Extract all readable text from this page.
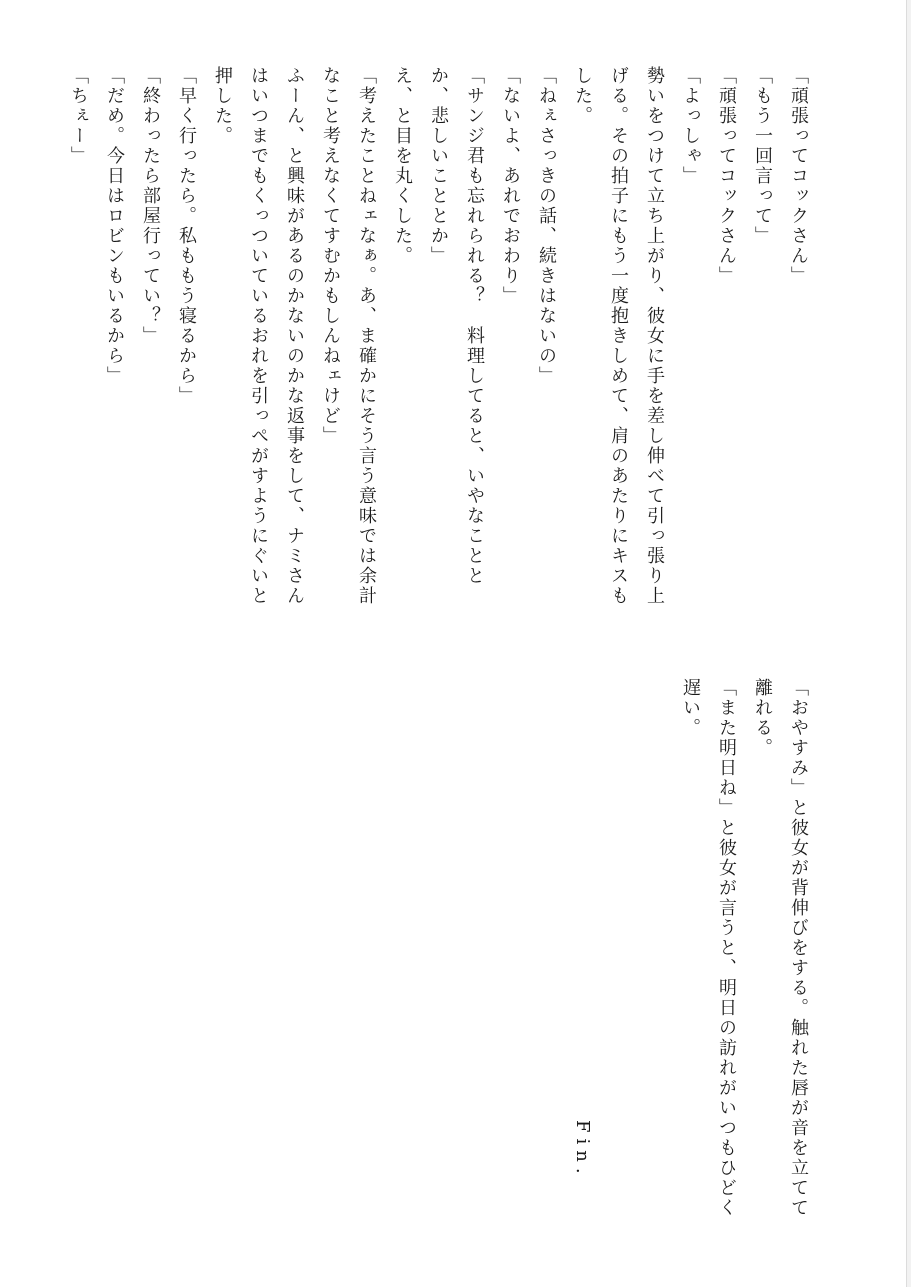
「頑張ってコックさん」
「もう一回言って」
「頑張ってコックさん」
「よっしゃ」
勢いをつけて立ち上がり、彼女に手を差し伸べて引っ張り上げる。その拍子にもう一度抱きしめて、肩のあたりにキスもした。
「ねぇさっきの話、続きはないの」
「ないよ、あれでおわり」
「サンジ君も忘れられる？　料理してると、いやなこととか、悲しいこととか」
え、と目を丸くした。
「考えたことねェなぁ。あ、ま確かにそう言う意味では余計なこと考えなくてすむかもしんねェけど」
ふーん、と興味があるのかないのかな返事をして、ナミさんはいつまでもくっついているおれを引っぺがすようにぐいと押した。
「早く行ったら。私ももう寝るから」
「終わったら部屋行ってい？」
「だめ。今日はロビンもいるから」
「ちぇー」

「おやすみ」と彼女が背伸びをする。触れた唇が音を立てて離れる。
「また明日ね」と彼女が言うと、明日の訪れがいつもひどく遅い。

Fin.
